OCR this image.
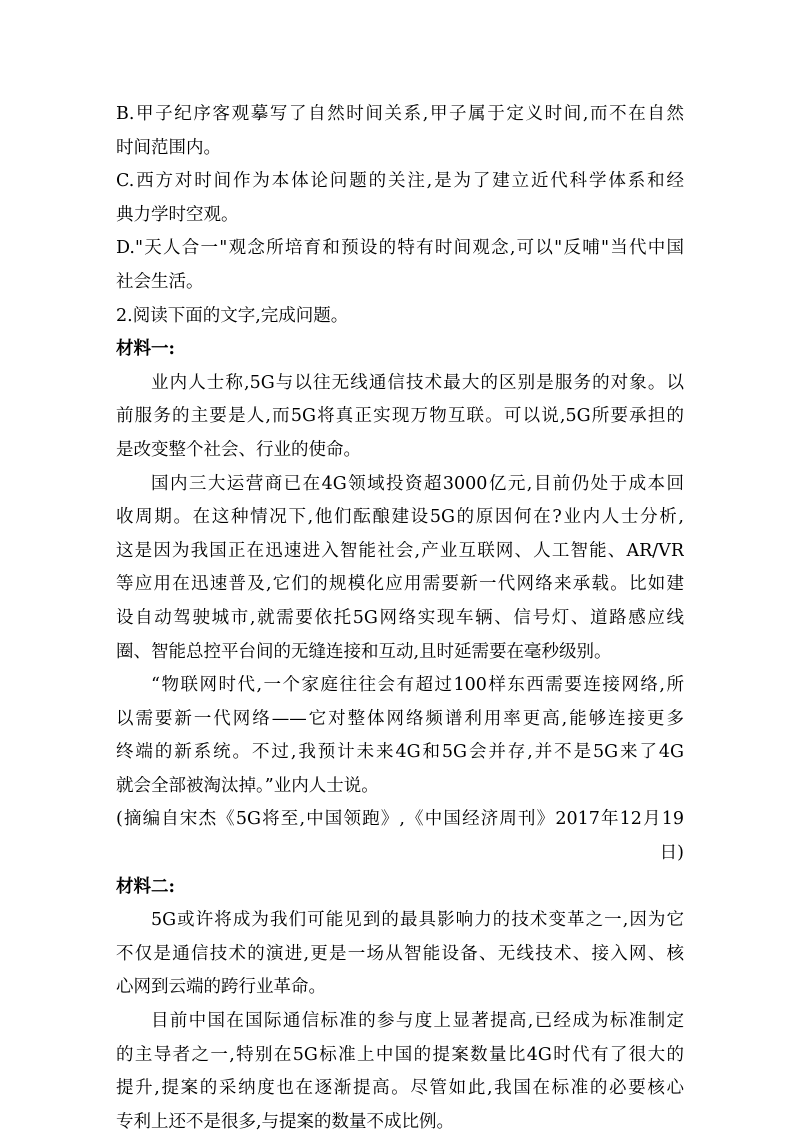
B.甲子纪序客观摹写了自然时间关系,甲子属于定义时间,而不在自然
时间范围内。
C.西方对时间作为本体论问题的关注,是为了建立近代科学体系和经
典力学时空观。
D."天人合一"观念所培育和预设的特有时间观念,可以"反哺"当代中国
社会生活。
2.阅读下面的文字,完成问题。
材料一:
业内人士称,5G与以往无线通信技术最大的区别是服务的对象。以
前服务的主要是人,而5G将真正实现万物互联。可以说,5G所要承担的
是改变整个社会、行业的使命。
国内三大运营商已在4G领域投资超3000亿元,目前仍处于成本回
收周期。在这种情况下,他们酝酿建设5G的原因何在?业内人士分析,
这是因为我国正在迅速进入智能社会,产业互联网、人工智能、AR/VR
等应用在迅速普及,它们的规模化应用需要新一代网络来承载。比如建
设自动驾驶城市,就需要依托5G网络实现车辆、信号灯、道路感应线
圈、智能总控平台间的无缝连接和互动,且时延需要在毫秒级别。
“物联网时代,一个家庭往往会有超过100样东西需要连接网络,所
以需要新一代网络——它对整体网络频谱利用率更高,能够连接更多
终端的新系统。不过,我预计未来4G和5G会并存,并不是5G来了4G
就会全部被淘汰掉。”业内人士说。
(摘编自宋杰《5G将至,中国领跑》,《中国经济周刊》2017年12月19
日)
材料二:
5G或许将成为我们可能见到的最具影响力的技术变革之一,因为它
不仅是通信技术的演进,更是一场从智能设备、无线技术、接入网、核
心网到云端的跨行业革命。
目前中国在国际通信标准的参与度上显著提高,已经成为标准制定
的主导者之一,特别在5G标准上中国的提案数量比4G时代有了很大的
提升,提案的采纳度也在逐渐提高。尽管如此,我国在标准的必要核心
专利上还不是很多,与提案的数量不成比例。
